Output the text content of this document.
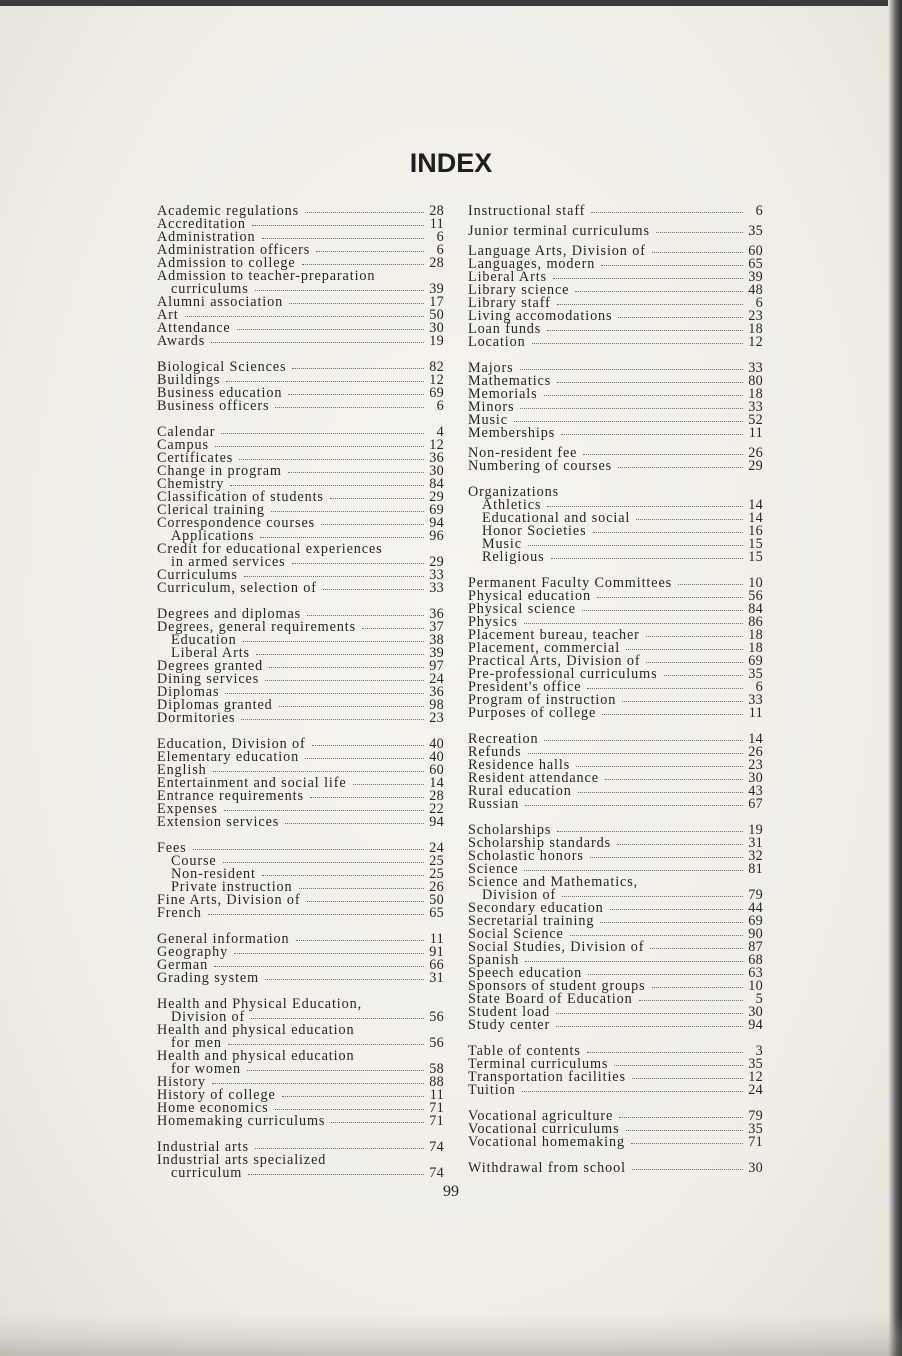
INDEX
Academic regulations	28
Accreditation	11
Administration	6
Administration officers	6
Admission to college	28
Admission to teacher-preparation
curriculums	39
Alumni association	17
Art	50
Attendance	30
Awards	19
Biological Sciences	82
Buildings	12
Business education	69
Business officers	6
Calendar	4
Campus	12
Certificates	36
Change in program	30
Chemistry	84
Classification of students	29
Clerical training	69
Correspondence courses	94
Applications	96
Credit for educational experiences
in armed services	29
Curriculums	33
Curriculum, selection of	33
Degrees and diplomas	36
Degrees, general requirements	37
Education	38
Liberal Arts	39
Degrees granted	97
Dining services	24
Diplomas	36
Diplomas granted	98
Dormitories	23
Education, Division of	40
Elementary education	40
English	60
Entertainment and social life	14
Entrance requirements	28
Expenses	22
Extension services	94
Fees	24
Course	25
Non-resident	25
Private instruction	26
Fine Arts, Division of	50
French	65
General information	11
Geography	91
German	66
Grading system	31
Health and Physical Education,
Division of	56
Health and physical education
for men	56
Health and physical education
for women	58
History	88
History of college	11
Home economics	71
Homemaking curriculums	71
Industrial arts	74
Industrial arts specialized
curriculum	74
Instructional staff	6
Junior terminal curriculums	35
Language Arts, Division of	60
Languages, modern	65
Liberal Arts	39
Library science	48
Library staff	6
Living accomodations	23
Loan funds	18
Location	12
Majors	33
Mathematics	80
Memorials	18
Minors	33
Music	52
Memberships	11
Non-resident fee	26
Numbering of courses	29
Organizations
Athletics	14
Educational and social	14
Honor Societies	16
Music	15
Religious	15
Permanent Faculty Committees	10
Physical education	56
Physical science	84
Physics	86
Placement bureau, teacher	18
Placement, commercial	18
Practical Arts, Division of	69
Pre-professional curriculums	35
President's office	6
Program of instruction	33
Purposes of college	11
Recreation	14
Refunds	26
Residence halls	23
Resident attendance	30
Rural education	43
Russian	67
Scholarships	19
Scholarship standards	31
Scholastic honors	32
Science	81
Science and Mathematics,
Division of	79
Secondary education	44
Secretarial training	69
Social Science	90
Social Studies, Division of	87
Spanish	68
Speech education	63
Sponsors of student groups	10
State Board of Education	5
Student load	30
Study center	94
Table of contents	3
Terminal curriculums	35
Transportation facilities	12
Tuition	24
Vocational agriculture	79
Vocational curriculums	35
Vocational homemaking	71
Withdrawal from school	30
99
